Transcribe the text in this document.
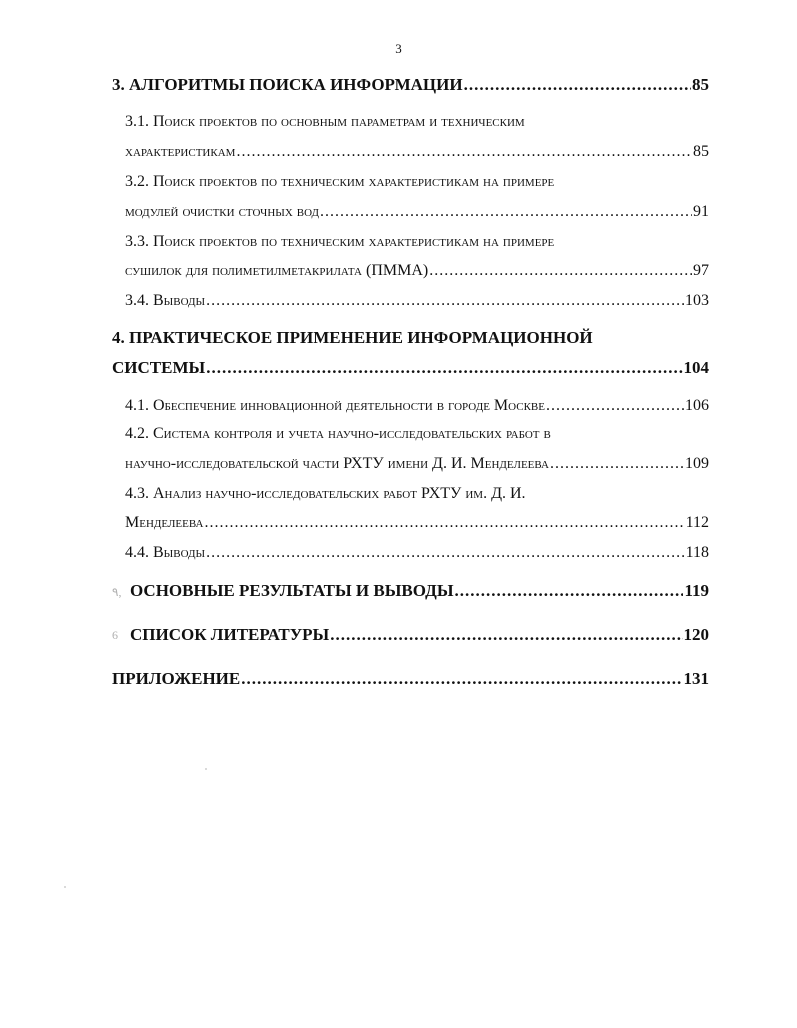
3
3. АЛГОРИТМЫ ПОИСКА ИНФОРМАЦИИ .....	85
3.1. Поиск проектов по основным параметрам и техническим
характеристикам .....	85
3.2. Поиск проектов по техническим характеристикам на примере
модулей очистки сточных вод .....	91
3.3. Поиск проектов по техническим характеристикам на примере
сушилок для полиметилметакрилата (ПММА) .....	97
3.4. Выводы .....	103
4. ПРАКТИЧЕСКОЕ ПРИМЕНЕНИЕ ИНФОРМАЦИОННОЙ
СИСТЕМЫ .....	104
4.1. Обеспечение инновационной деятельности в городе Москве .....	106
4.2. Система контроля и учета научно-исследовательских работ в
научно-исследовательской части РХТУ имени Д. И. Менделеева .....	109
4.3. Анализ научно-исследовательских работ РХТУ им. Д. И.
Менделеева .....	112
4.4. Выводы .....	118
٩, ОСНОВНЫЕ РЕЗУЛЬТАТЫ И ВЫВОДЫ .....	119
6 СПИСОК ЛИТЕРАТУРЫ .....	120
ПРИЛОЖЕНИЕ .....	131
